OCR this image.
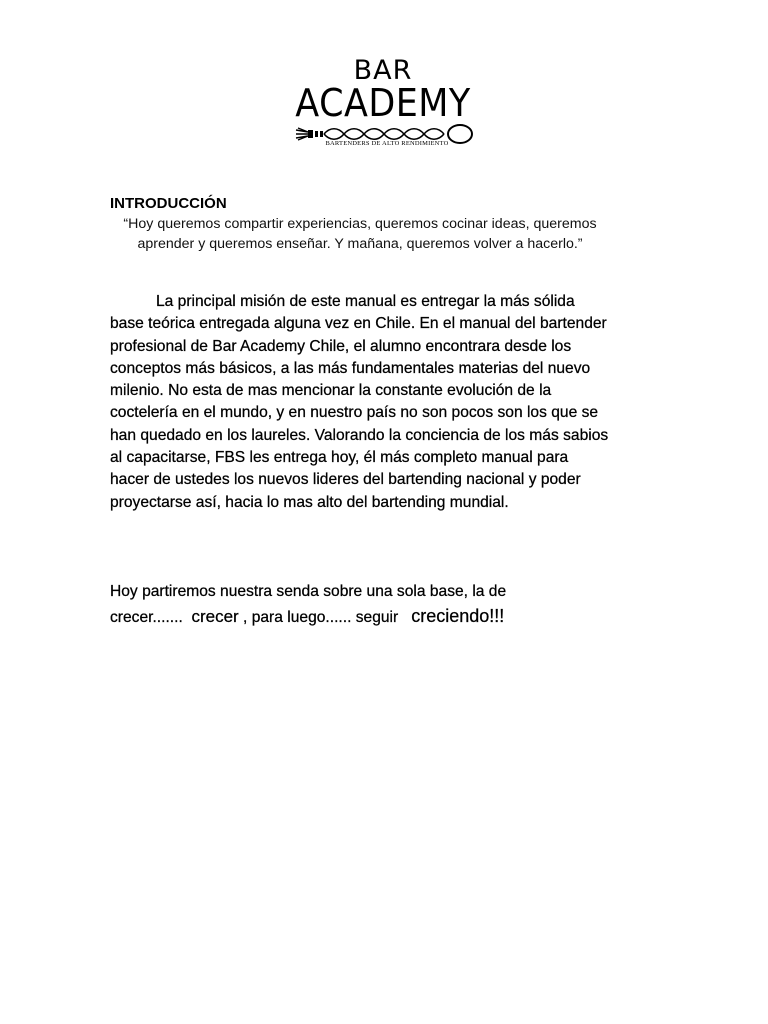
BAR
ACADEMY
BARTENDERS DE ALTO RENDIMIENTO
INTRODUCCIÓN
“Hoy queremos compartir experiencias, queremos cocinar ideas, queremos aprender y queremos enseñar. Y mañana, queremos volver a hacerlo.”

La principal misión de este manual es entregar la más sólida base teórica entregada alguna vez en Chile. En el manual del bartender profesional de Bar Academy Chile, el alumno encontrara desde los conceptos más básicos, a las más fundamentales materias del nuevo milenio. No esta de mas mencionar la constante evolución de la coctelería en el mundo, y en nuestro país no son pocos son los que se han quedado en los laureles. Valorando la conciencia de los más sabios al capacitarse, FBS les entrega hoy, él más completo manual para hacer de ustedes los nuevos lideres del bartending nacional y poder proyectarse así, hacia lo mas alto del bartending mundial.

Hoy partiremos nuestra senda sobre una sola base, la de crecer....... crecer , para luego...... seguir creciendo!!!
